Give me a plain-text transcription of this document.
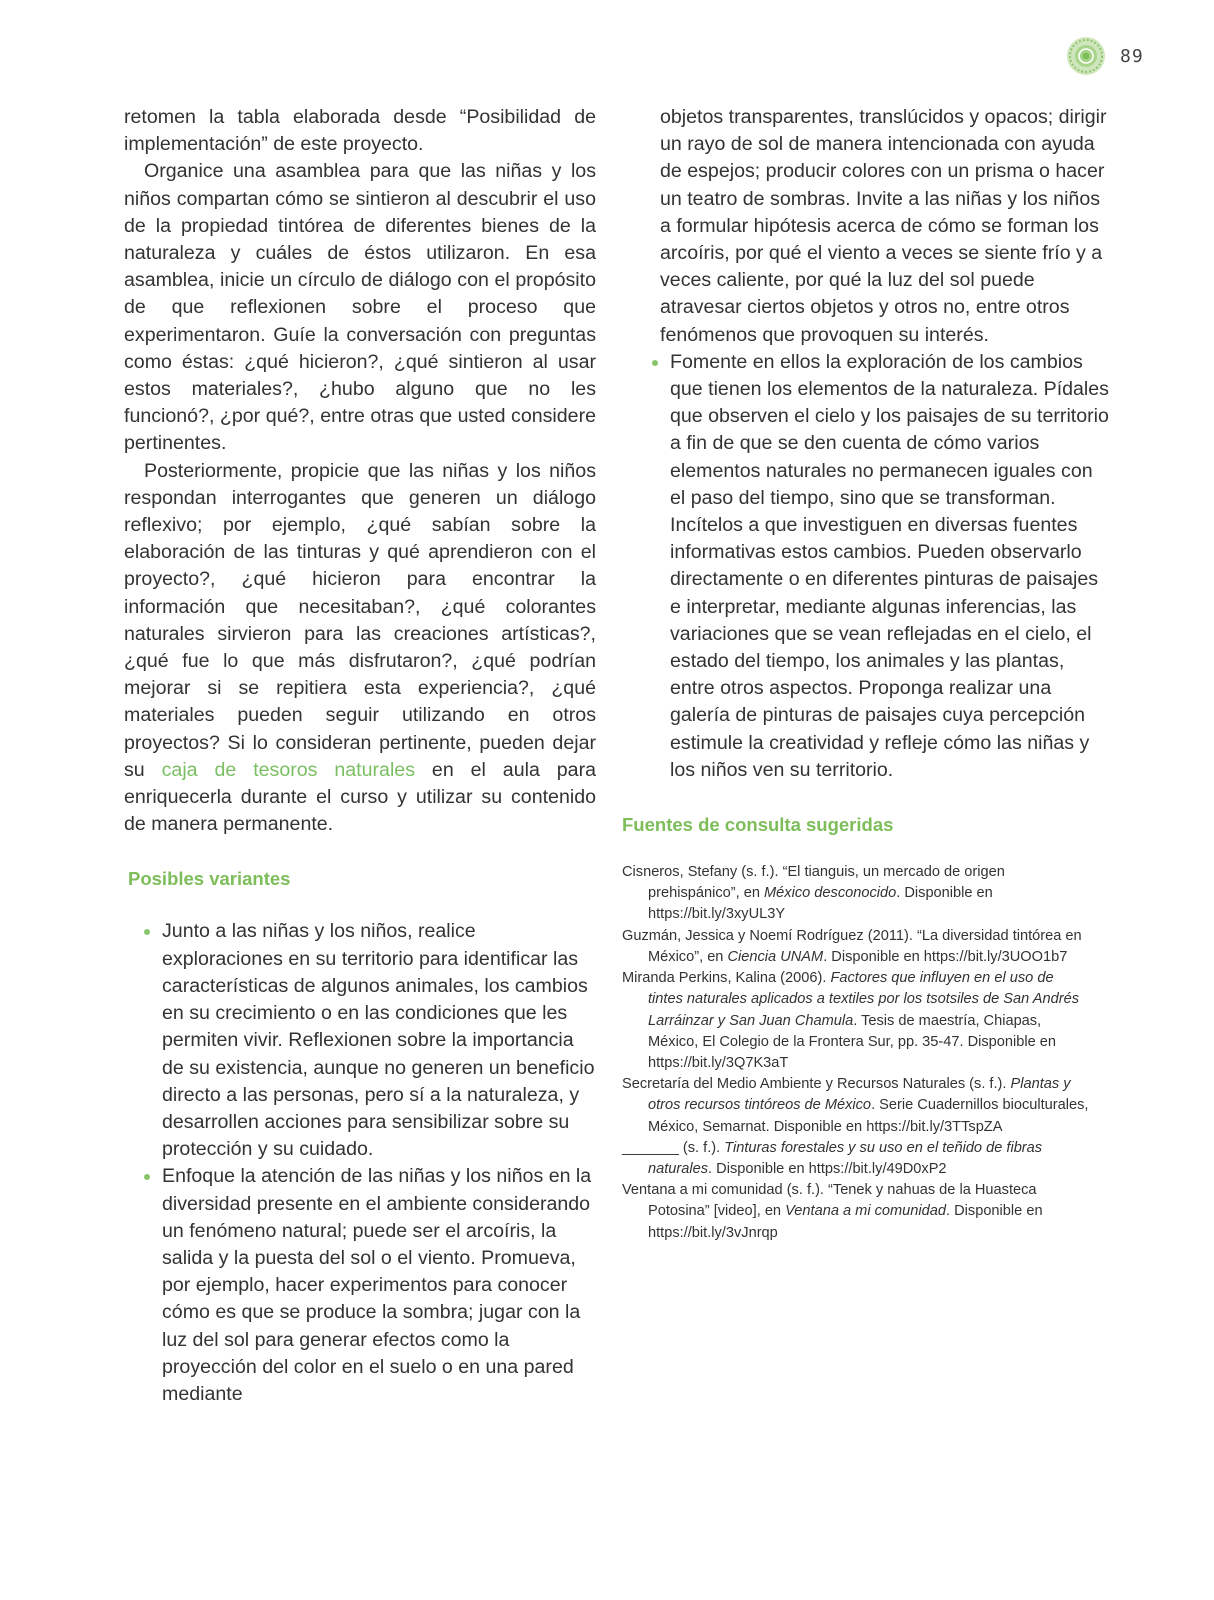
89

retomen la tabla elaborada desde “Posibilidad de implementación” de este proyecto.

Organice una asamblea para que las niñas y los niños compartan cómo se sintieron al descubrir el uso de la propiedad tintórea de diferentes bienes de la naturaleza y cuáles de éstos utilizaron. En esa asamblea, inicie un círculo de diálogo con el propósito de que reflexionen sobre el proceso que experimentaron. Guíe la conversación con preguntas como éstas: ¿qué hicieron?, ¿qué sintieron al usar estos materiales?, ¿hubo alguno que no les funcionó?, ¿por qué?, entre otras que usted considere pertinentes.

Posteriormente, propicie que las niñas y los niños respondan interrogantes que generen un diálogo reflexivo; por ejemplo, ¿qué sabían sobre la elaboración de las tinturas y qué aprendieron con el proyecto?, ¿qué hicieron para encontrar la información que necesitaban?, ¿qué colorantes naturales sirvieron para las creaciones artísticas?, ¿qué fue lo que más disfrutaron?, ¿qué podrían mejorar si se repitiera esta experiencia?, ¿qué materiales pueden seguir utilizando en otros proyectos? Si lo consideran pertinente, pueden dejar su caja de tesoros naturales en el aula para enriquecerla durante el curso y utilizar su contenido de manera permanente.

Posibles variantes
Junto a las niñas y los niños, realice exploraciones en su territorio para identificar las características de algunos animales, los cambios en su crecimiento o en las condiciones que les permiten vivir. Reflexionen sobre la importancia de su existencia, aunque no generen un beneficio directo a las personas, pero sí a la naturaleza, y desarrollen acciones para sensibilizar sobre su protección y su cuidado.
Enfoque la atención de las niñas y los niños en la diversidad presente en el ambiente considerando un fenómeno natural; puede ser el arcoíris, la salida y la puesta del sol o el viento. Promueva, por ejemplo, hacer experimentos para conocer cómo es que se produce la sombra; jugar con la luz del sol para generar efectos como la proyección del color en el suelo o en una pared mediante

objetos transparentes, translúcidos y opacos; dirigir un rayo de sol de manera intencionada con ayuda de espejos; producir colores con un prisma o hacer un teatro de sombras. Invite a las niñas y los niños a formular hipótesis acerca de cómo se forman los arcoíris, por qué el viento a veces se siente frío y a veces caliente, por qué la luz del sol puede atravesar ciertos objetos y otros no, entre otros fenómenos que provoquen su interés.

Fomente en ellos la exploración de los cambios que tienen los elementos de la naturaleza. Pídales que observen el cielo y los paisajes de su territorio a fin de que se den cuenta de cómo varios elementos naturales no permanecen iguales con el paso del tiempo, sino que se transforman. Incítelos a que investiguen en diversas fuentes informativas estos cambios. Pueden observarlo directamente o en diferentes pinturas de paisajes e interpretar, mediante algunas inferencias, las variaciones que se vean reflejadas en el cielo, el estado del tiempo, los animales y las plantas, entre otros aspectos. Proponga realizar una galería de pinturas de paisajes cuya percepción estimule la creatividad y refleje cómo las niñas y los niños ven su territorio.
Fuentes de consulta sugeridas

Cisneros, Stefany (s. f.). “El tianguis, un mercado de origen prehispánico”, en México desconocido. Disponible en https://bit.ly/3xyUL3Y

Guzmán, Jessica y Noemí Rodríguez (2011). “La diversidad tintórea en México”, en Ciencia UNAM. Disponible en https://bit.ly/3UOO1b7

Miranda Perkins, Kalina (2006). Factores que influyen en el uso de tintes naturales aplicados a textiles por los tsotsiles de San Andrés Larráinzar y San Juan Chamula. Tesis de maestría, Chiapas, México, El Colegio de la Frontera Sur, pp. 35-47. Disponible en https://bit.ly/3Q7K3aT

Secretaría del Medio Ambiente y Recursos Naturales (s. f.). Plantas y otros recursos tintóreos de México. Serie Cuadernillos bioculturales, México, Semarnat. Disponible en https://bit.ly/3TTspZA

_______ (s. f.). Tinturas forestales y su uso en el teñido de fibras naturales. Disponible en https://bit.ly/49D0xP2

Ventana a mi comunidad (s. f.). “Tenek y nahuas de la Huasteca Potosina” [video], en Ventana a mi comunidad. Disponible en https://bit.ly/3vJnrqp
